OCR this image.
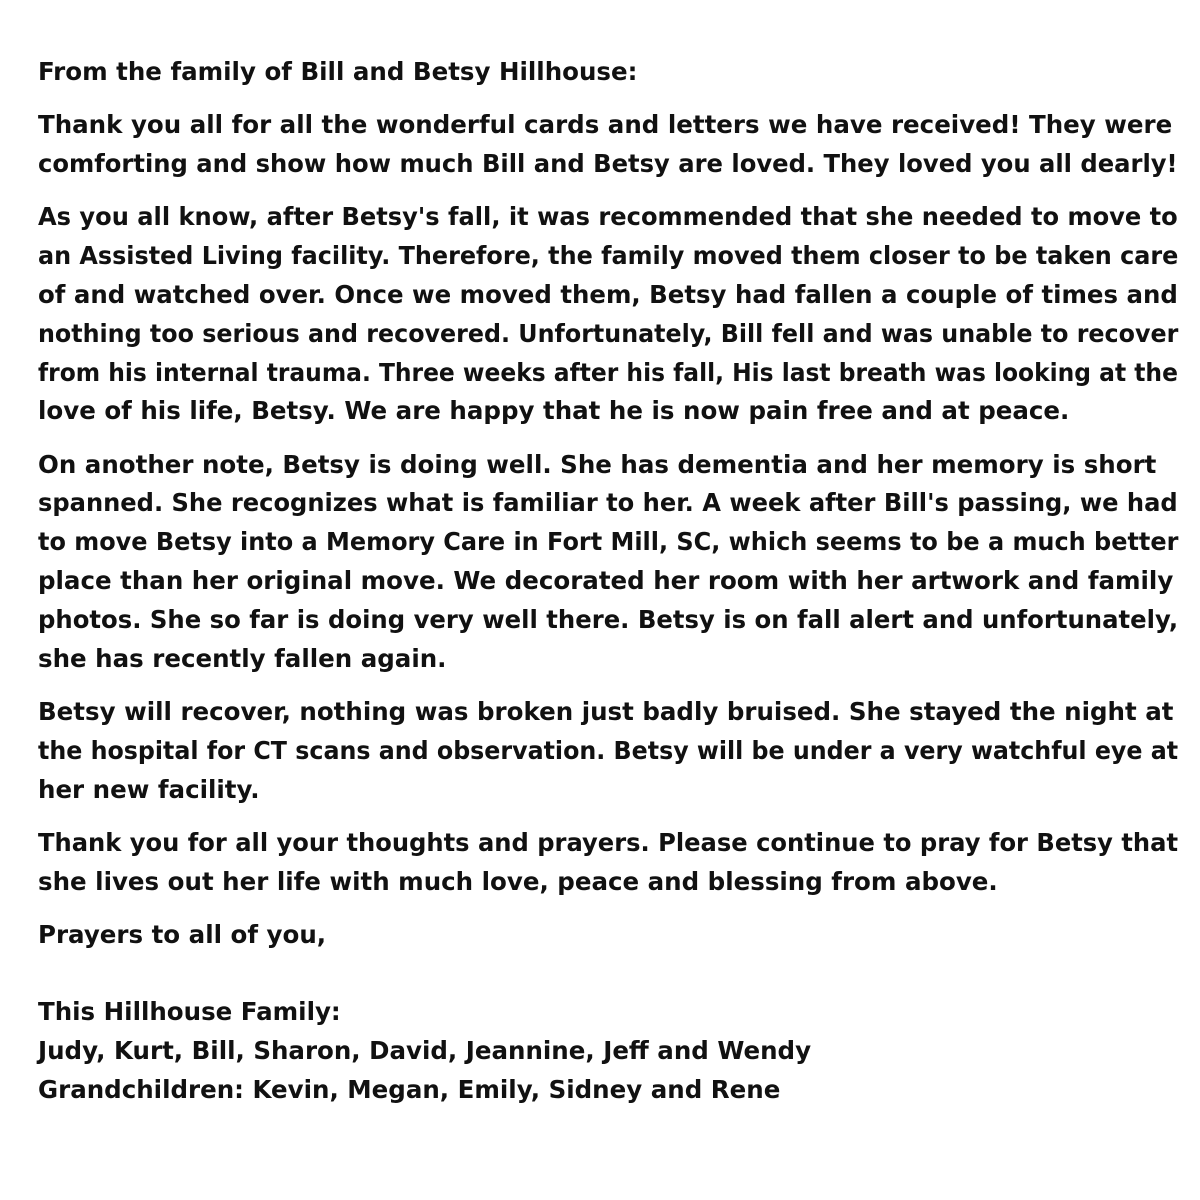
From the family of Bill and Betsy Hillhouse:
Thank you all for all the wonderful cards and letters we have received! They were
comforting and show how much Bill and Betsy are loved. They loved you all dearly!
As you all know, after Betsy's fall, it was recommended that she needed to move to
an Assisted Living facility. Therefore, the family moved them closer to be taken care
of and watched over. Once we moved them, Betsy had fallen a couple of times and
nothing too serious and recovered. Unfortunately, Bill fell and was unable to recover
from his internal trauma. Three weeks after his fall, His last breath was looking at the
love of his life, Betsy. We are happy that he is now pain free and at peace.
On another note, Betsy is doing well. She has dementia and her memory is short
spanned. She recognizes what is familiar to her. A week after Bill's passing, we had
to move Betsy into a Memory Care in Fort Mill, SC, which seems to be a much better
place than her original move. We decorated her room with her artwork and family
photos. She so far is doing very well there. Betsy is on fall alert and unfortunately,
she has recently fallen again.
Betsy will recover, nothing was broken just badly bruised. She stayed the night at
the hospital for CT scans and observation. Betsy will be under a very watchful eye at
her new facility.
Thank you for all your thoughts and prayers. Please continue to pray for Betsy that
she lives out her life with much love, peace and blessing from above.
Prayers to all of you,
This Hillhouse Family:
Judy, Kurt, Bill, Sharon, David, Jeannine, Jeff and Wendy
Grandchildren: Kevin, Megan, Emily, Sidney and Rene
